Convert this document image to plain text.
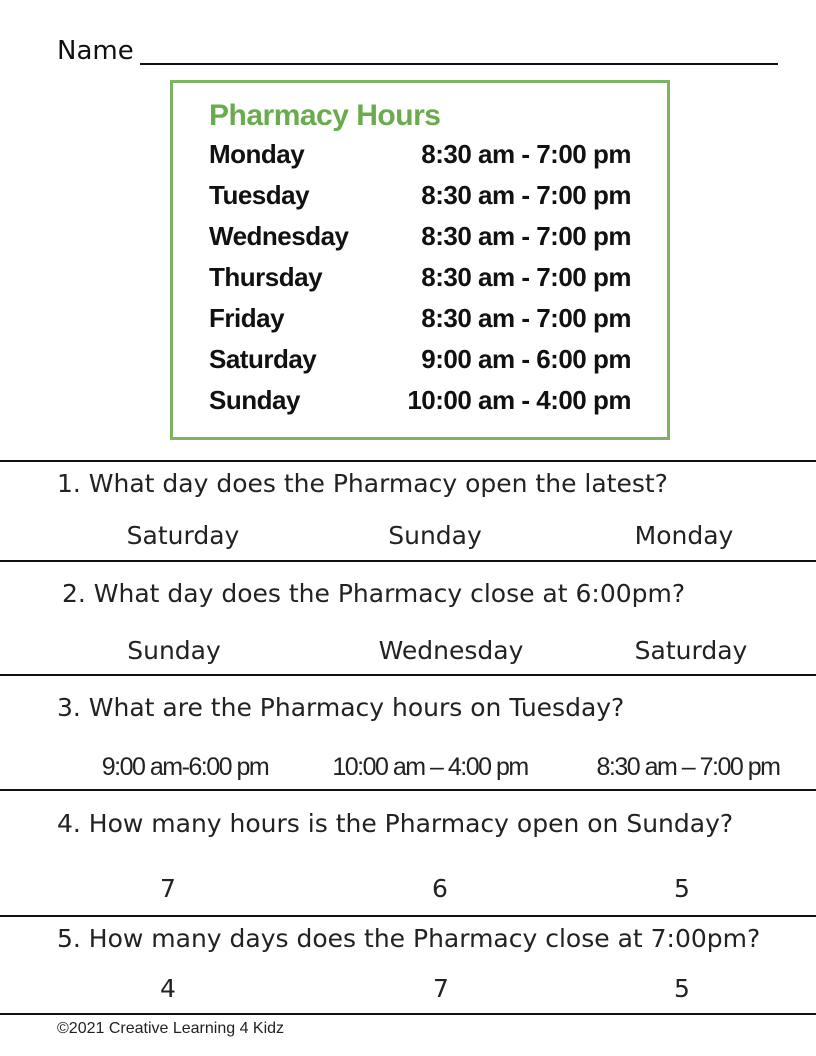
Name
Pharmacy Hours
Monday	8:30 am - 7:00 pm
Tuesday	8:30 am - 7:00 pm
Wednesday	8:30 am - 7:00 pm
Thursday	8:30 am - 7:00 pm
Friday	8:30 am - 7:00 pm
Saturday	9:00 am - 6:00 pm
Sunday	10:00 am - 4:00 pm
1. What day does the Pharmacy open the latest?
Saturday	Sunday	Monday
2. What day does the Pharmacy close at 6:00pm?
Sunday	Wednesday	Saturday
3. What are the Pharmacy hours on Tuesday?
9:00 am-6:00 pm	10:00 am – 4:00 pm	8:30 am – 7:00 pm
4. How many hours is the Pharmacy open on Sunday?
7	6	5
5. How many days does the Pharmacy close at 7:00pm?
4	7	5
©2021 Creative Learning 4 Kidz
